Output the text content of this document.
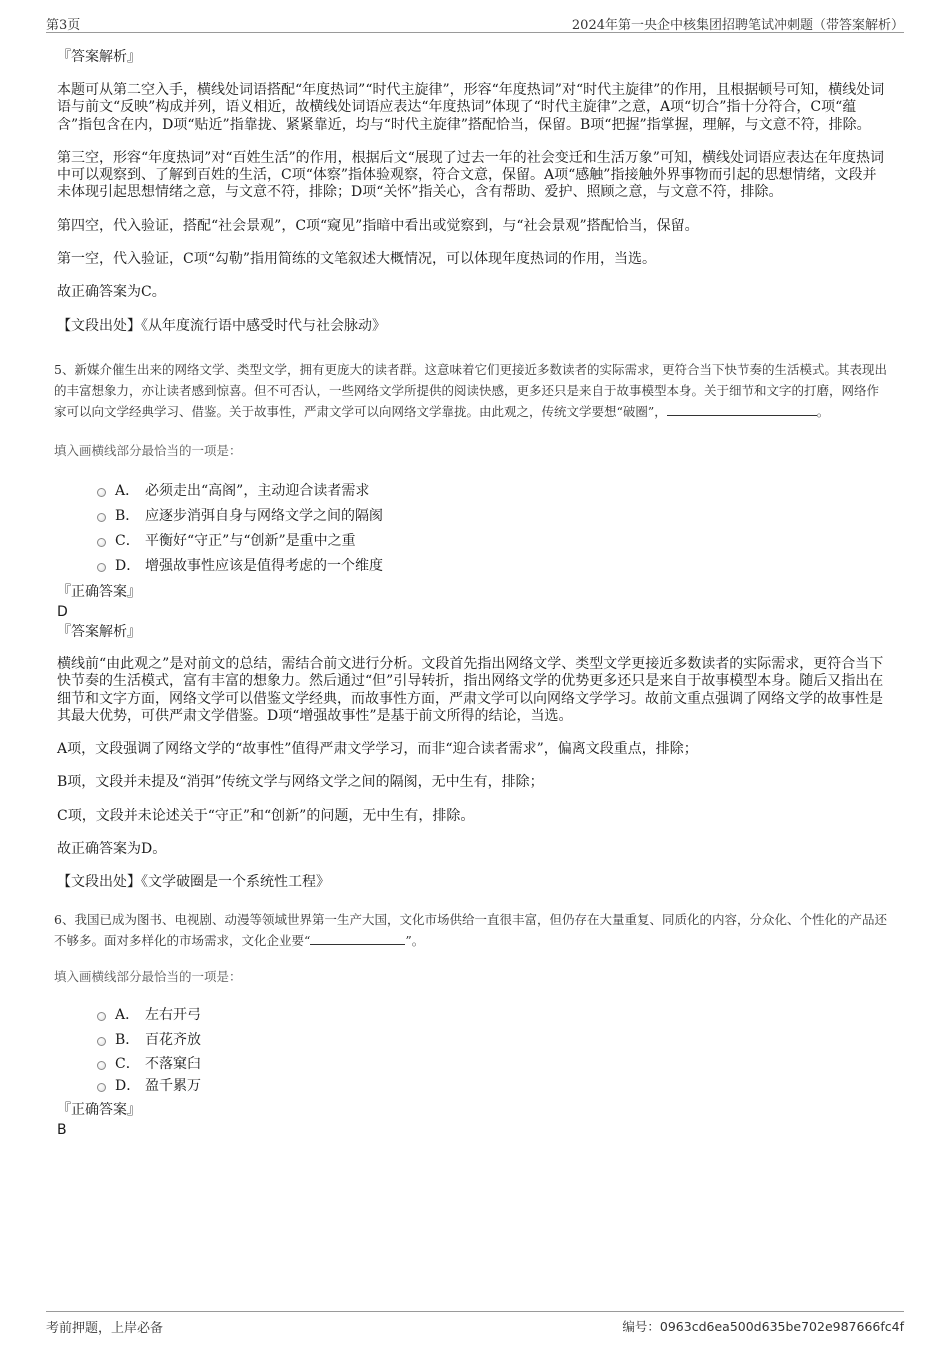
第3页	2024年第一央企中核集团招聘笔试冲刺题（带答案解析）
『答案解析』
本题可从第二空入手，横线处词语搭配“年度热词”“时代主旋律”，形容“年度热词”对“时代主旋律”的作用，且根据顿号可知，横线处词语与前文“反映”构成并列，语义相近，故横线处词语应表达“年度热词”体现了“时代主旋律”之意，A项“切合”指十分符合，C项“蕴含”指包含在内，D项“贴近”指靠拢、紧紧靠近，均与“时代主旋律”搭配恰当，保留。B项“把握”指掌握，理解，与文意不符，排除。
第三空，形容“年度热词”对“百姓生活”的作用，根据后文“展现了过去一年的社会变迁和生活万象”可知，横线处词语应表达在年度热词中可以观察到、了解到百姓的生活，C项“体察”指体验观察，符合文意，保留。A项“感触”指接触外界事物而引起的思想情绪，文段并未体现引起思想情绪之意，与文意不符，排除；D项“关怀”指关心，含有帮助、爱护、照顾之意，与文意不符，排除。
第四空，代入验证，搭配“社会景观”，C项“窥见”指暗中看出或觉察到，与“社会景观”搭配恰当，保留。
第一空，代入验证，C项“勾勒”指用简练的文笔叙述大概情况，可以体现年度热词的作用，当选。
故正确答案为C。
【文段出处】《从年度流行语中感受时代与社会脉动》
5、新媒介催生出来的网络文学、类型文学，拥有更庞大的读者群。这意味着它们更接近多数读者的实际需求，更符合当下快节奏的生活模式。其表现出的丰富想象力，亦让读者感到惊喜。但不可否认，一些网络文学所提供的阅读快感，更多还只是来自于故事模型本身。关于细节和文字的打磨，网络作家可以向文学经典学习、借鉴。关于故事性，严肃文学可以向网络文学靠拢。由此观之，传统文学要想“破圈”，	。
填入画横线部分最恰当的一项是：
A． 必须走出“高阁”，主动迎合读者需求
B． 应逐步消弭自身与网络文学之间的隔阂
C． 平衡好“守正”与“创新”是重中之重
D． 增强故事性应该是值得考虑的一个维度
『正确答案』
D
『答案解析』
横线前“由此观之”是对前文的总结，需结合前文进行分析。文段首先指出网络文学、类型文学更接近多数读者的实际需求，更符合当下快节奏的生活模式，富有丰富的想象力。然后通过“但”引导转折，指出网络文学的优势更多还只是来自于故事模型本身。随后又指出在细节和文字方面，网络文学可以借鉴文学经典，而故事性方面，严肃文学可以向网络文学学习。故前文重点强调了网络文学的故事性是其最大优势，可供严肃文学借鉴。D项“增强故事性”是基于前文所得的结论，当选。
A项，文段强调了网络文学的“故事性”值得严肃文学学习，而非“迎合读者需求”，偏离文段重点，排除；
B项，文段并未提及“消弭”传统文学与网络文学之间的隔阂，无中生有，排除；
C项，文段并未论述关于“守正”和“创新”的问题，无中生有，排除。
故正确答案为D。
【文段出处】《文学破圈是一个系统性工程》
6、我国已成为图书、电视剧、动漫等领域世界第一生产大国，文化市场供给一直很丰富，但仍存在大量重复、同质化的内容，分众化、个性化的产品还不够多。面对多样化的市场需求，文化企业要“	”。
填入画横线部分最恰当的一项是：
A． 左右开弓
B． 百花齐放
C． 不落窠臼
D． 盈千累万
『正确答案』
B
考前押题，上岸必备	编号：0963cd6ea500d635be702e987666fc4f
